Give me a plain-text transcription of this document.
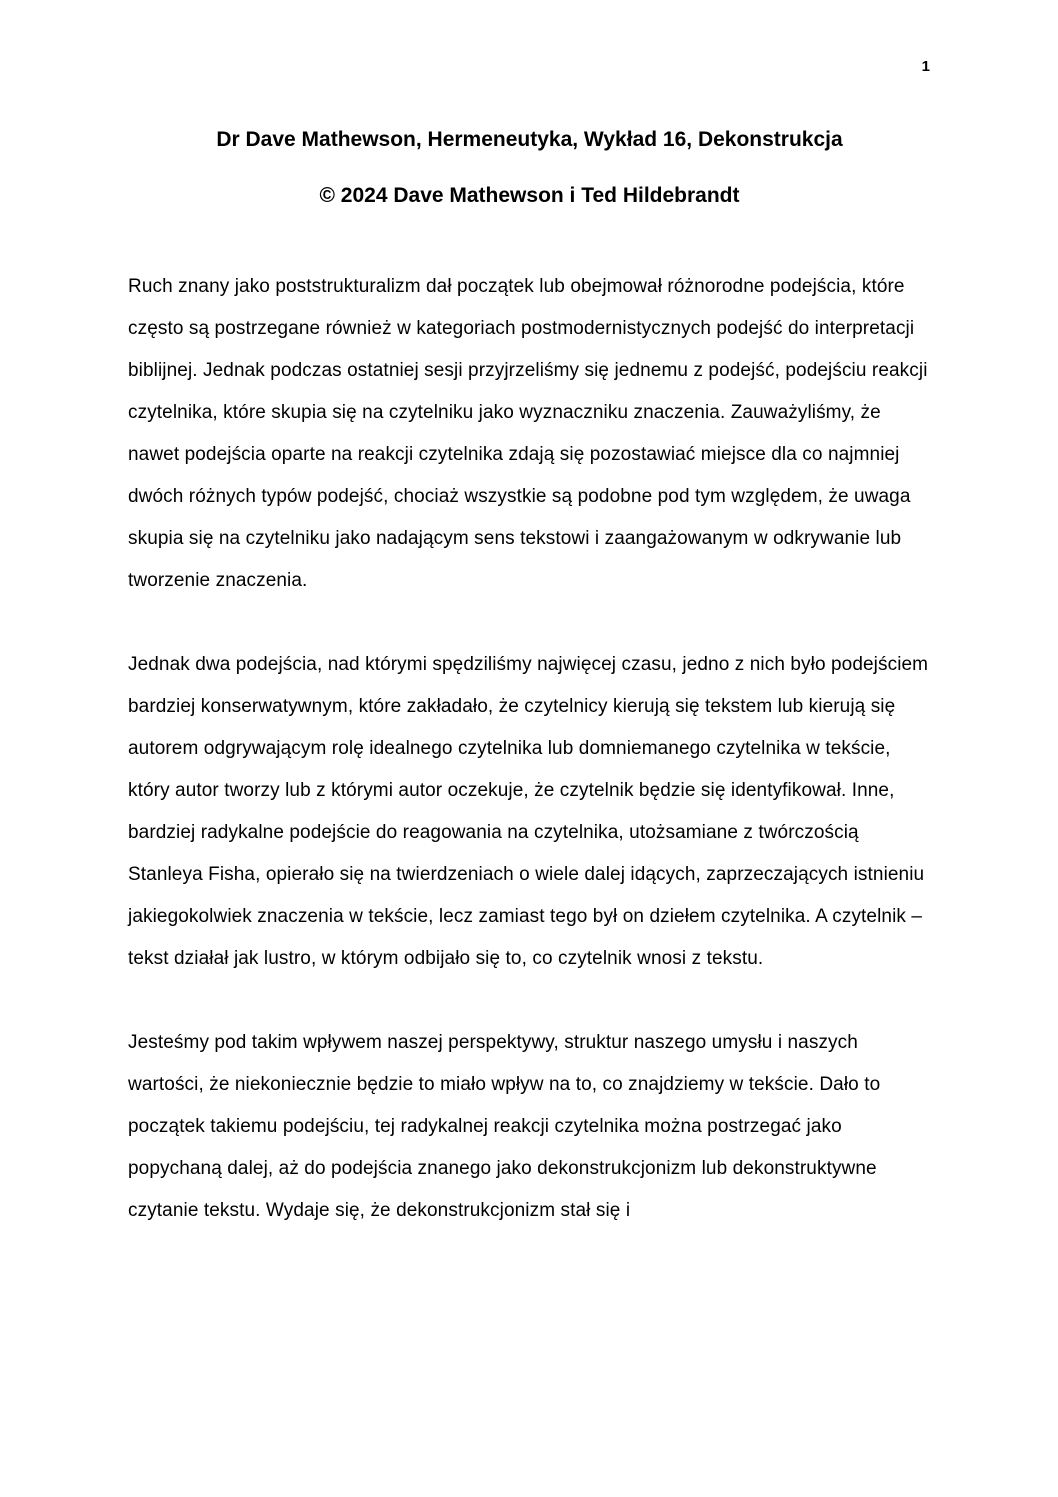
1
Dr Dave Mathewson, Hermeneutyka, Wykład 16, Dekonstrukcja
© 2024 Dave Mathewson i Ted Hildebrandt

Ruch znany jako poststrukturalizm dał początek lub obejmował różnorodne podejścia, które często są postrzegane również w kategoriach postmodernistycznych podejść do interpretacji biblijnej. Jednak podczas ostatniej sesji przyjrzeliśmy się jednemu z podejść, podejściu reakcji czytelnika, które skupia się na czytelniku jako wyznaczniku znaczenia. Zauważyliśmy, że nawet podejścia oparte na reakcji czytelnika zdają się pozostawiać miejsce dla co najmniej dwóch różnych typów podejść, chociaż wszystkie są podobne pod tym względem, że uwaga skupia się na czytelniku jako nadającym sens tekstowi i zaangażowanym w odkrywanie lub tworzenie znaczenia.

Jednak dwa podejścia, nad którymi spędziliśmy najwięcej czasu, jedno z nich było podejściem bardziej konserwatywnym, które zakładało, że czytelnicy kierują się tekstem lub kierują się autorem odgrywającym rolę idealnego czytelnika lub domniemanego czytelnika w tekście, który autor tworzy lub z którymi autor oczekuje, że czytelnik będzie się identyfikował. Inne, bardziej radykalne podejście do reagowania na czytelnika, utożsamiane z twórczością Stanleya Fisha, opierało się na twierdzeniach o wiele dalej idących, zaprzeczających istnieniu jakiegokolwiek znaczenia w tekście, lecz zamiast tego był on dziełem czytelnika. A czytelnik – tekst działał jak lustro, w którym odbijało się to, co czytelnik wnosi z tekstu.

Jesteśmy pod takim wpływem naszej perspektywy, struktur naszego umysłu i naszych wartości, że niekoniecznie będzie to miało wpływ na to, co znajdziemy w tekście. Dało to początek takiemu podejściu, tej radykalnej reakcji czytelnika można postrzegać jako popychaną dalej, aż do podejścia znanego jako dekonstrukcjonizm lub dekonstruktywne czytanie tekstu. Wydaje się, że dekonstrukcjonizm stał się i
